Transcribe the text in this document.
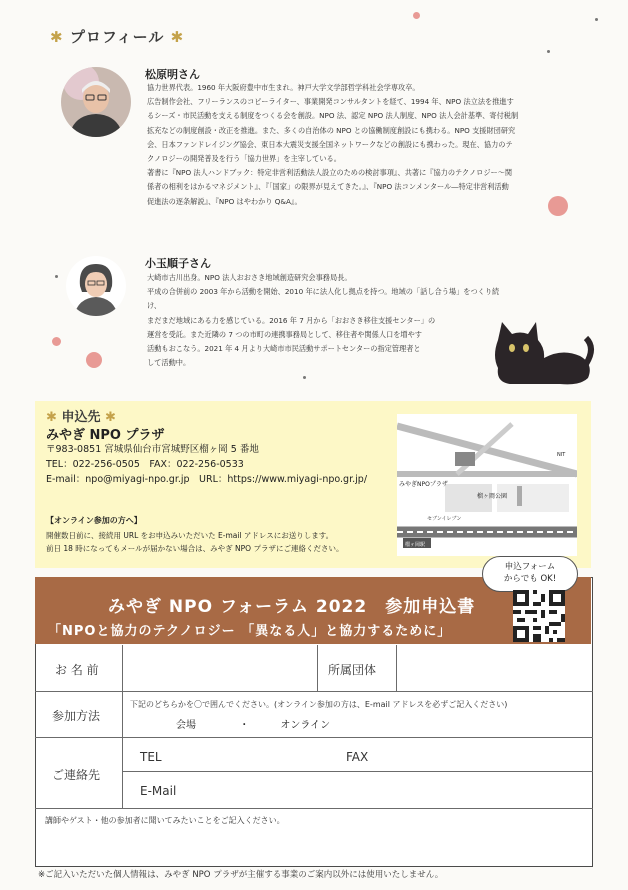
✱ プロフィール ✱
松原明さん
協力世界代表。1960 年大阪府豊中市生まれ。神戸大学文学部哲学科社会学専攻卒。
広告制作会社、フリーランスのコピーライター、事業開発コンサルタントを経て、1994 年、NPO 法立法を推進す
るシーズ・市民活動を支える制度をつくる会を創設。NPO 法、認定 NPO 法人制度、NPO 法人会計基準、寄付税制
拡充などの制度創設・改正を推進。また、多くの自治体の NPO との協働制度創設にも携わる。NPO 支援財団研究
会、日本ファンドレイジング協会、東日本大震災支援全国ネットワークなどの創設にも携わった。現在、協力のテ
クノロジーの開発普及を行う「協力世界」を主宰している。
著書に『NPO 法人ハンドブック：特定非営利活動法人設立のための検討事項』、共著に『協力のテクノロジー〜関
係者の相利をはかるマネジメント』、『「国家」の限界が見えてきた。』、『NPO 法コンメンタール―特定非営利活動
促進法の逐条解説』、『NPO はやわかり Q&A』。
小玉順子さん
大崎市古川出身。NPO 法人おおさき地域創造研究会事務局長。
平成の合併前の 2003 年から活動を開始、2010 年に法人化し拠点を持つ。地域の「話し合う場」をつくり続け、
まだまだ地域にある力を感じている。2016 年 7 月から「おおさき移住支援センター」の
運営を受託。また近隣の 7 つの市町の連携事務局として、移住者や関係人口を増やす
活動もおこなう。2021 年 4 月より大崎市市民活動サポートセンターの指定管理者と
して活動中。
✱ 申込先 ✱
みやぎ NPO プラザ
〒983-0851 宮城県仙台市宮城野区榴ヶ岡 5 番地
TEL：022-256-0505　FAX：022-256-0533
E-mail：npo@miyagi-npo.gr.jp　URL：https://www.miyagi-npo.gr.jp/
【オンライン参加の方へ】
開催数日前に、接続用 URL をお申込みいただいた E-mail アドレスにお送りします。
前日 18 時になってもメールが届かない場合は、みやぎ NPO プラザにご連絡ください。
みやぎNPOプラザ
榴ヶ岡公園
榴ヶ岡駅
セブンイレブン
NIT
みやぎ NPO フォーラム 2022　参加申込書
「NPOと協力のテクノロジー 「異なる人」と協力するために」
申込フォーム
からでも OK!
お 名 前	所属団体
参加方法
下記のどちらかを〇で囲んでください。(オンライン参加の方は、E-mail アドレスを必ずご記入ください)
会場	・	オンライン
ご連絡先
TEL	FAX
E-Mail
講師やゲスト・他の参加者に聞いてみたいことをご記入ください。
※ご記入いただいた個人情報は、みやぎ NPO プラザが主催する事業のご案内以外には使用いたしません。
